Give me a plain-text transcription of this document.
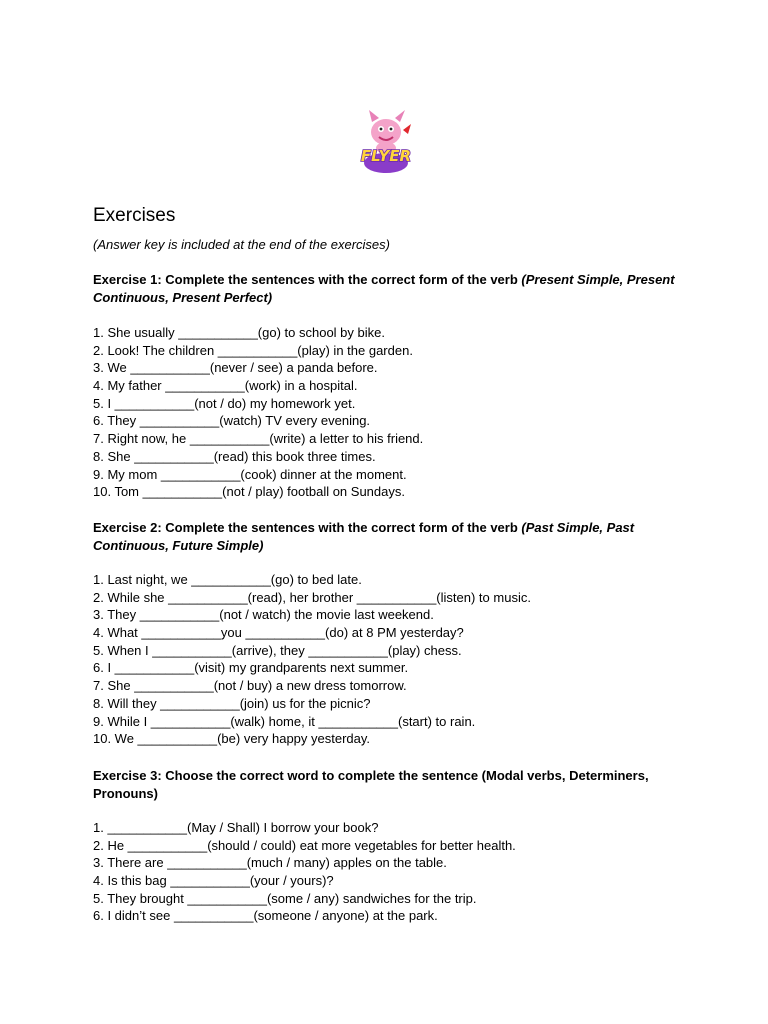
FLYER
Exercises
(Answer key is included at the end of the exercises)
Exercise 1: Complete the sentences with the correct form of the verb (Present Simple, Present Continuous, Present Perfect)
1. She usually ___________(go) to school by bike.
2. Look! The children ___________(play) in the garden.
3. We ___________(never / see) a panda before.
4. My father ___________(work) in a hospital.
5. I ___________(not / do) my homework yet.
6. They ___________(watch) TV every evening.
7. Right now, he ___________(write) a letter to his friend.
8. She ___________(read) this book three times.
9. My mom ___________(cook) dinner at the moment.
10. Tom ___________(not / play) football on Sundays.
Exercise 2: Complete the sentences with the correct form of the verb (Past Simple, Past Continuous, Future Simple)
1. Last night, we ___________(go) to bed late.
2. While she ___________(read), her brother ___________(listen) to music.
3. They ___________(not / watch) the movie last weekend.
4. What ___________you ___________(do) at 8 PM yesterday?
5. When I ___________(arrive), they ___________(play) chess.
6. I ___________(visit) my grandparents next summer.
7. She ___________(not / buy) a new dress tomorrow.
8. Will they ___________(join) us for the picnic?
9. While I ___________(walk) home, it ___________(start) to rain.
10. We ___________(be) very happy yesterday.
Exercise 3: Choose the correct word to complete the sentence (Modal verbs, Determiners, Pronouns)
1. ___________(May / Shall) I borrow your book?
2. He ___________(should / could) eat more vegetables for better health.
3. There are ___________(much / many) apples on the table.
4. Is this bag ___________(your / yours)?
5. They brought ___________(some / any) sandwiches for the trip.
6. I didn’t see ___________(someone / anyone) at the park.
